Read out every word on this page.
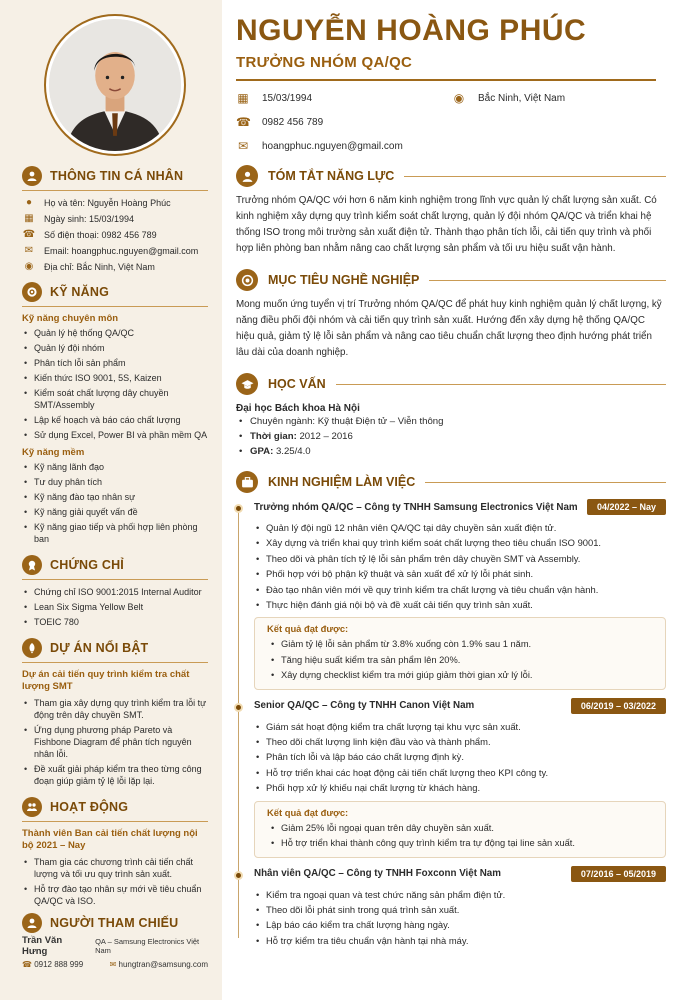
THÔNG TIN CÁ NHÂN
●	Họ và tên: Nguyễn Hoàng Phúc
▦ Ngày sinh: 15/03/1994
☎ Số điện thoại: 0982 456 789
✉	Email: hoangphuc.nguyen@gmail.com
◉ Địa chỉ: Bắc Ninh, Việt Nam
KỸ NĂNG
Kỹ năng chuyên môn
• Quản lý hệ thống QA/QC
• Quản lý đội nhóm
• Phân tích lỗi sản phẩm
• Kiến thức ISO 9001, 5S, Kaizen
• Kiểm soát chất lượng dây chuyền SMT/Assembly
• Lập kế hoạch và báo cáo chất lượng
• Sử dụng Excel, Power BI và phần mềm QA
Kỹ năng mềm
• Kỹ năng lãnh đạo
• Tư duy phân tích
• Kỹ năng đào tạo nhân sự
• Kỹ năng giải quyết vấn đề
• Kỹ năng giao tiếp và phối hợp liên phòng ban
CHỨNG CHỈ
• Chứng chỉ ISO 9001:2015 Internal Auditor
• Lean Six Sigma Yellow Belt
• TOEIC 780
DỰ ÁN NỔI BẬT
Dự án cải tiến quy trình kiểm tra chất lượng SMT
• Tham gia xây dựng quy trình kiểm tra lỗi tự động trên dây chuyền SMT.
• Ứng dụng phương pháp Pareto và Fishbone Diagram để phân tích nguyên nhân lỗi.
• Đề xuất giải pháp kiểm tra theo từng công đoạn giúp giảm tỷ lệ lỗi lặp lại.
HOẠT ĐỘNG
Thành viên Ban cải tiến chất lượng nội bộ 2021 – Nay
• Tham gia các chương trình cải tiến chất lượng và tối ưu quy trình sản xuất.
• Hỗ trợ đào tạo nhân sự mới về tiêu chuẩn QA/QC và ISO.
NGƯỜI THAM CHIẾU
Trần Văn Hưng
QA – Samsung Electronics Việt Nam
☎ 0912 888 999	✉ hungtran@samsung.com
NGUYỄN HOÀNG PHÚC
TRƯỞNG NHÓM QA/QC
▦ 15/03/1994	◉ Bắc Ninh, Việt Nam
☎ 0982 456 789
✉ hoangphuc.nguyen@gmail.com
TÓM TẮT NĂNG LỰC

Trưởng nhóm QA/QC với hơn 6 năm kinh nghiệm trong lĩnh vực quản lý chất lượng sản xuất. Có kinh nghiệm xây dựng quy trình kiểm soát chất lượng, quản lý đội nhóm QA/QC và triển khai hệ thống ISO trong môi trường sản xuất điện tử. Thành thạo phân tích lỗi, cải tiến quy trình và phối hợp liên phòng ban nhằm nâng cao chất lượng sản phẩm và tối ưu hiệu suất vận hành.

MỤC TIÊU NGHỀ NGHIỆP

Mong muốn ứng tuyển vị trí Trưởng nhóm QA/QC để phát huy kinh nghiệm quản lý chất lượng, kỹ năng điều phối đội nhóm và cải tiến quy trình sản xuất. Hướng đến xây dựng hệ thống QA/QC hiệu quả, giảm tỷ lệ lỗi sản phẩm và nâng cao tiêu chuẩn chất lượng theo định hướng phát triển lâu dài của doanh nghiệp.

HỌC VẤN
Đại học Bách khoa Hà Nội
• Chuyên ngành: Kỹ thuật Điện tử – Viễn thông
• Thời gian: 2012 – 2016
• GPA: 3.25/4.0
KINH NGHIỆM LÀM VIỆC
Trưởng nhóm QA/QC – Công ty TNHH Samsung Electronics Việt Nam	04/2022 – Nay
• Quản lý đội ngũ 12 nhân viên QA/QC tại dây chuyền sản xuất điện tử.
• Xây dựng và triển khai quy trình kiểm soát chất lượng theo tiêu chuẩn ISO 9001.
• Theo dõi và phân tích tỷ lệ lỗi sản phẩm trên dây chuyền SMT và Assembly.
• Phối hợp với bộ phận kỹ thuật và sản xuất để xử lý lỗi phát sinh.
• Đào tạo nhân viên mới về quy trình kiểm tra chất lượng và tiêu chuẩn vận hành.
• Thực hiện đánh giá nội bộ và đề xuất cải tiến quy trình sản xuất.
Kết quả đạt được:
• Giảm tỷ lệ lỗi sản phẩm từ 3.8% xuống còn 1.9% sau 1 năm.
• Tăng hiệu suất kiểm tra sản phẩm lên 20%.
• Xây dựng checklist kiểm tra mới giúp giảm thời gian xử lý lỗi.
Senior QA/QC – Công ty TNHH Canon Việt Nam	06/2019 – 03/2022
• Giám sát hoạt động kiểm tra chất lượng tại khu vực sản xuất.
• Theo dõi chất lượng linh kiện đầu vào và thành phẩm.
• Phân tích lỗi và lập báo cáo chất lượng định kỳ.
• Hỗ trợ triển khai các hoạt động cải tiến chất lượng theo KPI công ty.
• Phối hợp xử lý khiếu nại chất lượng từ khách hàng.
Kết quả đạt được:
• Giảm 25% lỗi ngoại quan trên dây chuyền sản xuất.
• Hỗ trợ triển khai thành công quy trình kiểm tra tự động tại line sản xuất.
Nhân viên QA/QC – Công ty TNHH Foxconn Việt Nam	07/2016 – 05/2019
• Kiểm tra ngoại quan và test chức năng sản phẩm điện tử.
• Theo dõi lỗi phát sinh trong quá trình sản xuất.
• Lập báo cáo kiểm tra chất lượng hàng ngày.
• Hỗ trợ kiểm tra tiêu chuẩn vận hành tại nhà máy.
